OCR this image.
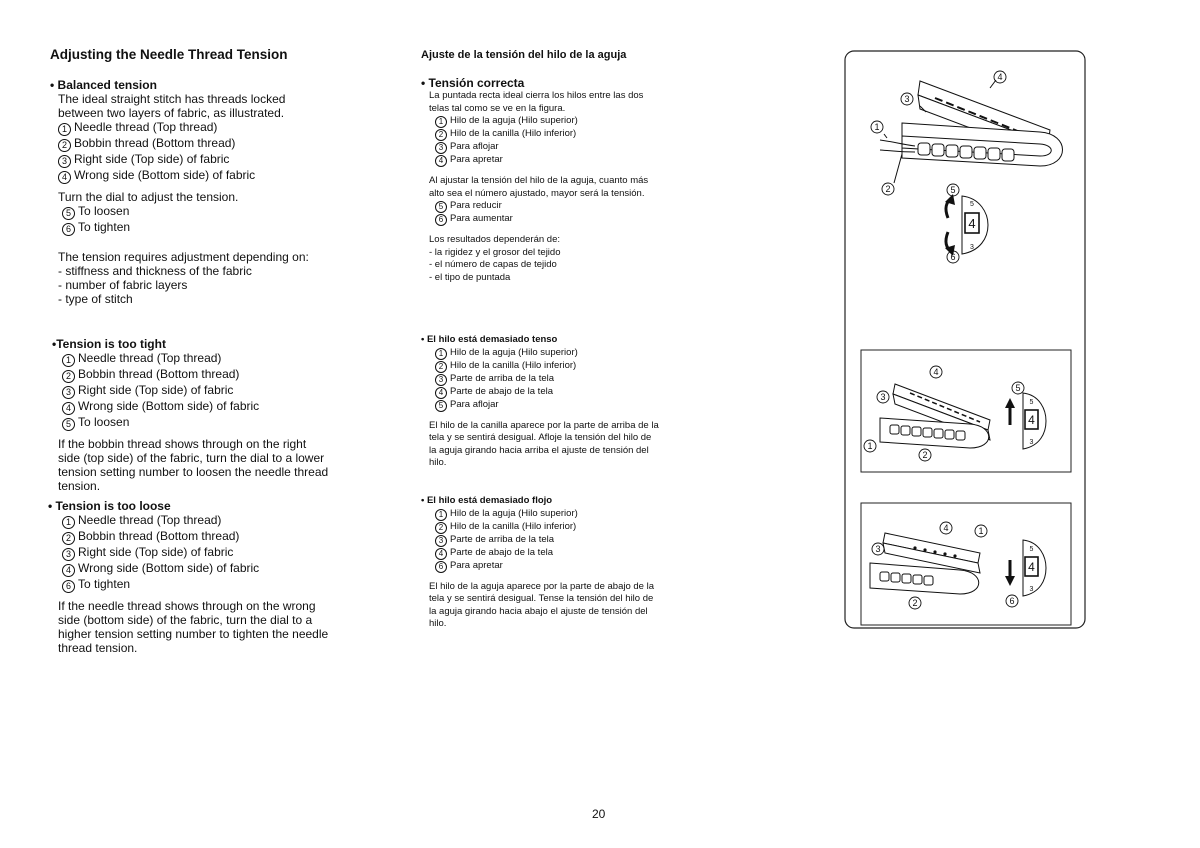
Adjusting the Needle Thread Tension
• Balanced tension
The ideal straight stitch has threads locked
between two layers of fabric, as illustrated.
1 Needle thread (Top thread)
2 Bobbin thread (Bottom thread)
3 Right side (Top side) of fabric
4 Wrong side (Bottom side) of fabric
Turn the dial to adjust the tension.
5 To loosen
6 To tighten
The tension requires adjustment depending on:
- stiffness and thickness of the fabric
- number of fabric layers
- type of stitch
•Tension is too tight
1 Needle thread (Top thread)
2 Bobbin thread (Bottom thread)
3 Right side (Top side) of fabric
4 Wrong side (Bottom side) of fabric
5 To loosen
If the bobbin thread shows through on the right
side (top side) of the fabric, turn the dial to a lower
tension setting number to loosen the needle thread
tension.
• Tension is too loose
1 Needle thread (Top thread)
2 Bobbin thread (Bottom thread)
3 Right side (Top side) of fabric
4 Wrong side (Bottom side) of fabric
6 To tighten
If the needle thread shows through on the wrong
side (bottom side) of the fabric, turn the dial to a
higher tension setting number to tighten the needle
thread tension.
Ajuste de la tensión del hilo de la aguja
• Tensión correcta
La puntada recta ideal cierra los hilos entre las dos
telas tal como se ve en la figura.
1 Hilo de la aguja (Hilo superior)
2 Hilo de la canilla (Hilo inferior)
3 Para aflojar
4 Para apretar
Al ajustar la tensión del hilo de la aguja, cuanto más
alto sea el número ajustado, mayor será la tensión.
5 Para reducir
6 Para aumentar
Los resultados dependerán de:
- la rigidez y el grosor del tejido
- el número de capas de tejido
- el tipo de puntada
• El hilo está demasiado tenso
1 Hilo de la aguja (Hilo superior)
2 Hilo de la canilla (Hilo inferior)
3 Parte de arriba de la tela
4 Parte de abajo de la tela
5 Para aflojar
El hilo de la canilla aparece por la parte de arriba de la
tela y se sentirá desigual. Afloje la tensión del hilo de
la aguja girando hacia arriba el ajuste de tensión del
hilo.
• El hilo está demasiado flojo
1 Hilo de la aguja (Hilo superior)
2 Hilo de la canilla (Hilo inferior)
3 Parte de arriba de la tela
4 Parte de abajo de la tela
6 Para apretar
El hilo de la aguja aparece por la parte de abajo de la
tela y se sentirá desigual. Tense la tensión del hilo de
la aguja girando hacia abajo el ajuste de tensión del
hilo.
1
2
3
4
4
5
3
5
6
1
2
3
4
4
5
3
5
1
2
3
4
4
5
3
6
20
